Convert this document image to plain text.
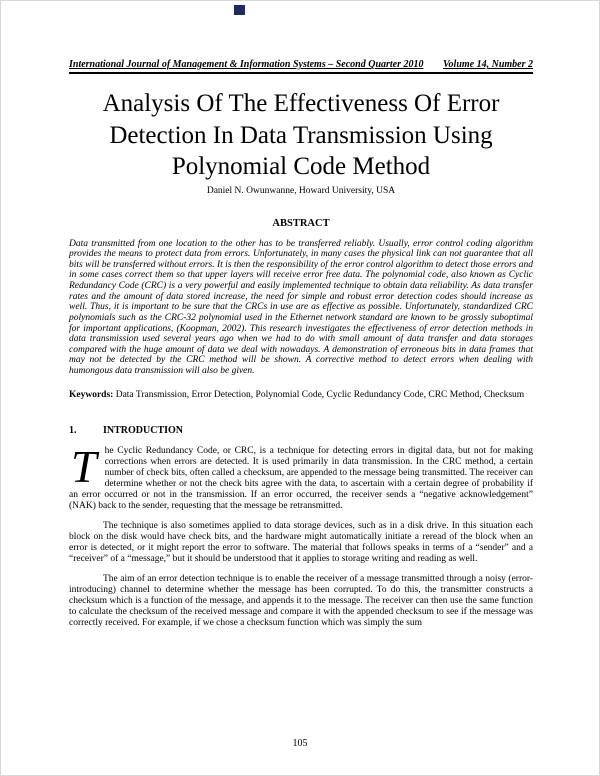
International Journal of Management & Information Systems – Second Quarter 2010 Volume 14, Number 2
Analysis Of The Effectiveness Of Error Detection In Data Transmission Using Polynomial Code Method
Daniel N. Owunwanne, Howard University, USA
ABSTRACT

Data transmitted from one location to the other has to be transferred reliably. Usually, error control coding algorithm provides the means to protect data from errors. Unfortunately, in many cases the physical link can not guarantee that all bits will be transferred without errors. It is then the responsibility of the error control algorithm to detect those errors and in some cases correct them so that upper layers will receive error free data. The polynomial code, also known as Cyclic Redundancy Code (CRC) is a very powerful and easily implemented technique to obtain data reliability. As data transfer rates and the amount of data stored increase, the need for simple and robust error detection codes should increase as well. Thus, it is important to be sure that the CRCs in use are as effective as possible. Unfortunately, standardized CRC polynomials such as the CRC-32 polynomial used in the Ethernet network standard are known to be grossly suboptimal for important applications, (Koopman, 2002). This research investigates the effectiveness of error detection methods in data transmission used several years ago when we had to do with small amount of data transfer and data storages compared with the huge amount of data we deal with nowadays. A demonstration of erroneous bits in data frames that may not be detected by the CRC method will be shown. A corrective method to detect errors when dealing with humongous data transmission will also be given.

Keywords: Data Transmission, Error Detection, Polynomial Code, Cyclic Redundancy Code, CRC Method, Checksum

1.	INTRODUCTION

The Cyclic Redundancy Code, or CRC, is a technique for detecting errors in digital data, but not for making corrections when errors are detected. It is used primarily in data transmission. In the CRC method, a certain number of check bits, often called a checksum, are appended to the message being transmitted. The receiver can determine whether or not the check bits agree with the data, to ascertain with a certain degree of probability if an error occurred or not in the transmission. If an error occurred, the receiver sends a “negative acknowledgement” (NAK) back to the sender, requesting that the message be retransmitted.

The technique is also sometimes applied to data storage devices, such as in a disk drive. In this situation each block on the disk would have check bits, and the hardware might automatically initiate a reread of the block when an error is detected, or it might report the error to software. The material that follows speaks in terms of a “sender” and a “receiver” of a “message,” but it should be understood that it applies to storage writing and reading as well.

The aim of an error detection technique is to enable the receiver of a message transmitted through a noisy (error-introducing) channel to determine whether the message has been corrupted. To do this, the transmitter constructs a checksum which is a function of the message, and appends it to the message. The receiver can then use the same function to calculate the checksum of the received message and compare it with the appended checksum to see if the message was correctly received. For example, if we chose a checksum function which was simply the sum

105
